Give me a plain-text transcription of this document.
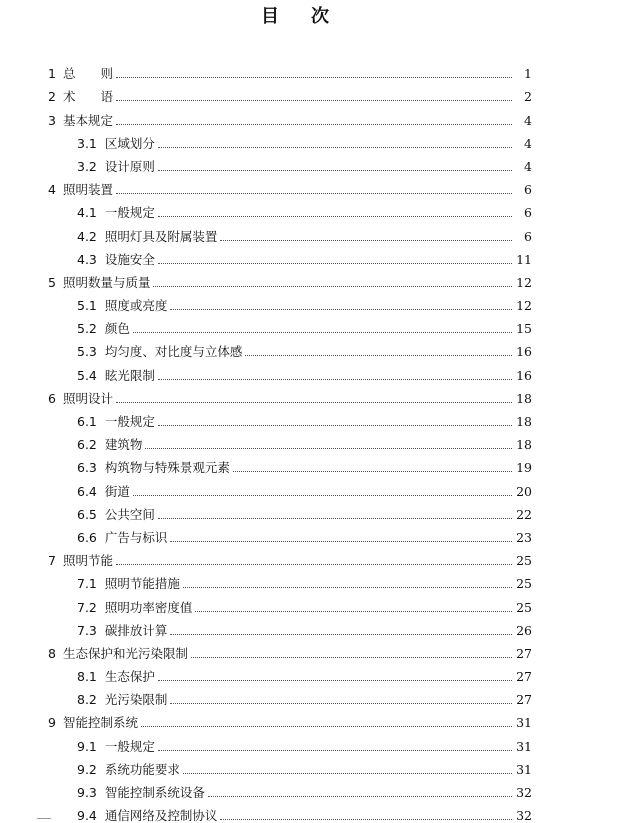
目 次
1 总　　则	1
2 术　　语	2
3 基本规定	4
3.1 区域划分	4
3.2 设计原则	4
4 照明装置	6
4.1 一般规定	6
4.2 照明灯具及附属装置	6
4.3 设施安全	11
5 照明数量与质量	12
5.1 照度或亮度	12
5.2 颜色	15
5.3 均匀度、对比度与立体感	16
5.4 眩光限制	16
6 照明设计	18
6.1 一般规定	18
6.2 建筑物	18
6.3 构筑物与特殊景观元素	19
6.4 街道	20
6.5 公共空间	22
6.6 广告与标识	23
7 照明节能	25
7.1 照明节能措施	25
7.2 照明功率密度值	25
7.3 碳排放计算	26
8 生态保护和光污染限制	27
8.1 生态保护	27
8.2 光污染限制	27
9 智能控制系统	31
9.1 一般规定	31
9.2 系统功能要求	31
9.3 智能控制系统设备	32
9.4 通信网络及控制协议	32
